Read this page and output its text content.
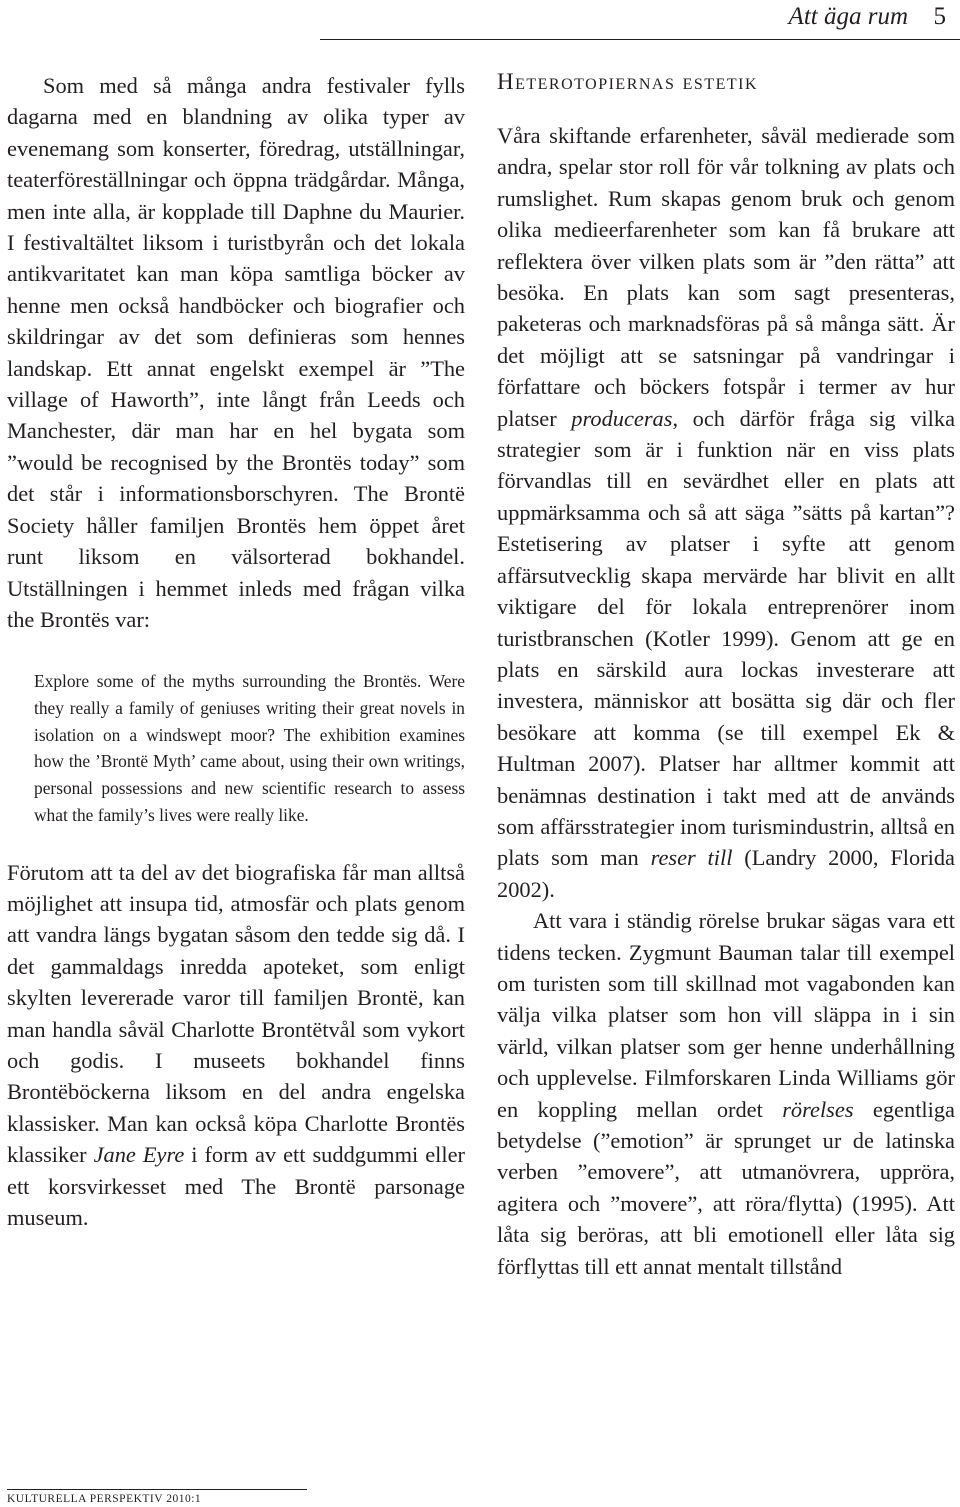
Att äga rum 5

Som med så många andra festivaler fylls dagarna med en blandning av olika typer av evenemang som konserter, föredrag, utställningar, teaterföreställningar och öppna trädgårdar. Många, men inte alla, är kopplade till Daphne du Maurier. I festivaltältet liksom i turistbyrån och det lokala antikvaritatet kan man köpa samtliga böcker av henne men också handböcker och biografier och skildringar av det som definieras som hennes landskap. Ett annat engelskt exempel är ”The village of Haworth”, inte långt från Leeds och Manchester, där man har en hel bygata som ”would be recognised by the Brontës today” som det står i informationsborschyren. The Brontë Society håller familjen Brontës hem öppet året runt liksom en välsorterad bokhandel. Utställningen i hemmet inleds med frågan vilka the Brontës var:

Explore some of the myths surrounding the Brontës. Were they really a family of geniuses writing their great novels in isolation on a windswept moor? The exhibition examines how the ’Brontë Myth’ came about, using their own writings, personal possessions and new scientific research to assess what the family’s lives were really like.

Förutom att ta del av det biografiska får man alltså möjlighet att insupa tid, atmosfär och plats genom att vandra längs bygatan såsom den tedde sig då. I det gammaldags inredda apoteket, som enligt skylten levererade varor till familjen Brontë, kan man handla såväl Charlotte Brontëtvål som vykort och godis. I museets bokhandel finns Brontëböckerna liksom en del andra engelska klassisker. Man kan också köpa Charlotte Brontës klassiker Jane Eyre i form av ett suddgummi eller ett korsvirkesset med The Brontë parsonage museum.

Heterotopiernas estetik

Våra skiftande erfarenheter, såväl medierade som andra, spelar stor roll för vår tolkning av plats och rumslighet. Rum skapas genom bruk och genom olika medieerfarenheter som kan få brukare att reflektera över vilken plats som är ”den rätta” att besöka. En plats kan som sagt presenteras, paketeras och marknadsföras på så många sätt. Är det möjligt att se satsningar på vandringar i författare och böckers fotspår i termer av hur platser produceras, och därför fråga sig vilka strategier som är i funktion när en viss plats förvandlas till en sevärdhet eller en plats att uppmärksamma och så att säga ”sätts på kartan”? Estetisering av platser i syfte att genom affärsutvecklig skapa mervärde har blivit en allt viktigare del för lokala entreprenörer inom turistbranschen (Kotler 1999). Genom att ge en plats en särskild aura lockas investerare att investera, människor att bosätta sig där och fler besökare att komma (se till exempel Ek & Hultman 2007). Platser har alltmer kommit att benämnas destination i takt med att de används som affärsstrategier inom turismindustrin, alltså en plats som man reser till (Landry 2000, Florida 2002).

Att vara i ständig rörelse brukar sägas vara ett tidens tecken. Zygmunt Bauman talar till exempel om turisten som till skillnad mot vagabonden kan välja vilka platser som hon vill släppa in i sin värld, vilkan platser som ger henne underhållning och upplevelse. Filmforskaren Linda Williams gör en koppling mellan ordet rörelses egentliga betydelse (”emotion” är sprunget ur de latinska verben ”emovere”, att utmanövrera, uppröra, agitera och ”movere”, att röra/flytta) (1995). Att låta sig beröras, att bli emotionell eller låta sig förflyttas till ett annat mentalt tillstånd

KULTURELLA PERSPEKTIV 2010:1
